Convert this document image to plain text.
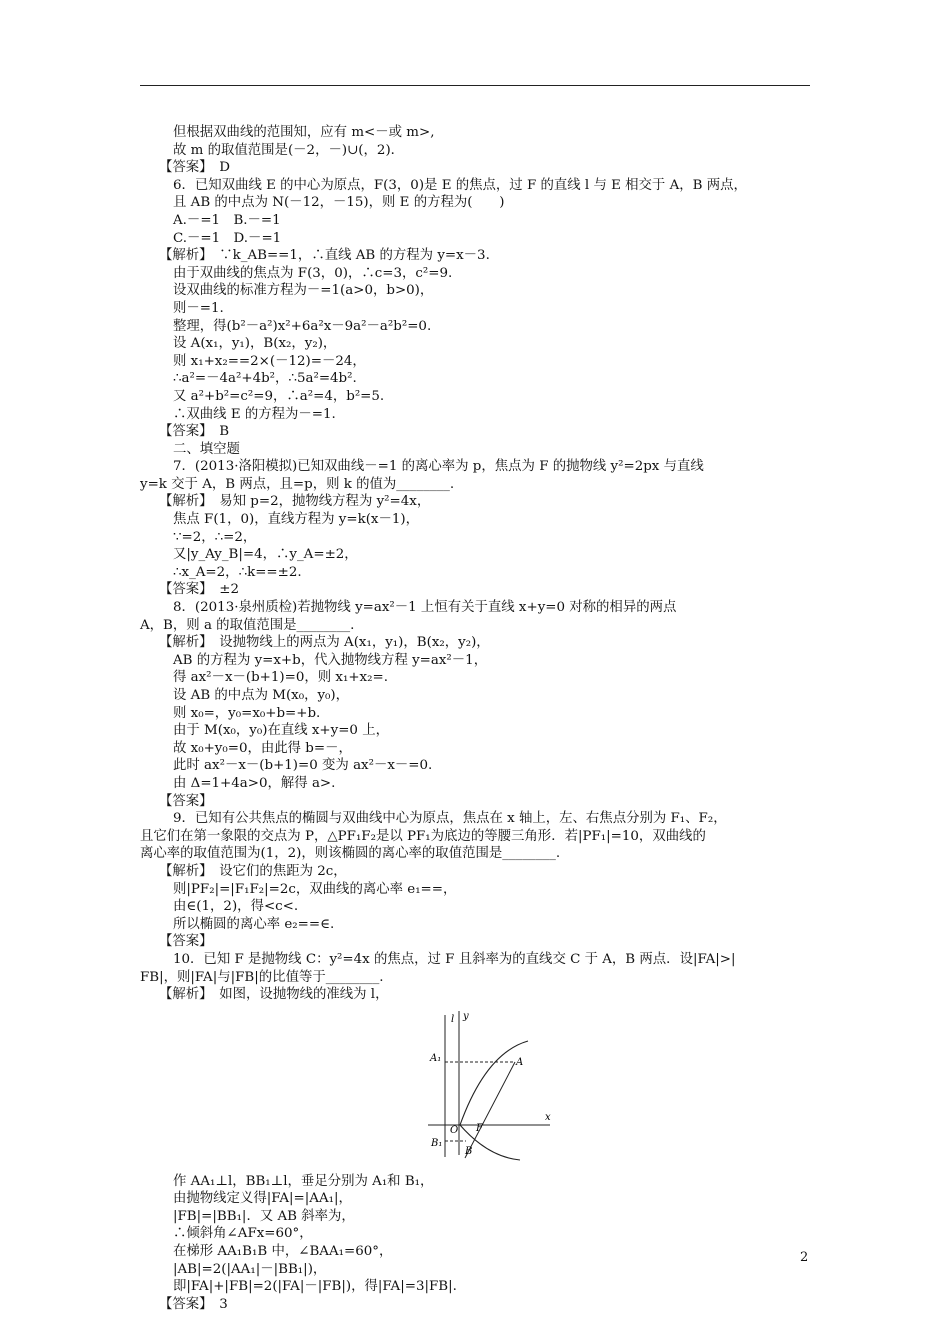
但根据双曲线的范围知，应有 m<－或 m>,
故 m 的取值范围是(－2，－)∪(，2)．
【答案】　D
6．已知双曲线 E 的中心为原点，F(3，0)是 E 的焦点，过 F 的直线 l 与 E 相交于 A，B 两点，
且 AB 的中点为 N(－12，－15)，则 E 的方程为(　　)
A.－=1　B.－=1
C.－=1　D.－=1
【解析】　∵k_AB==1，∴直线 AB 的方程为 y=x－3.
由于双曲线的焦点为 F(3，0)，∴c=3，c²=9.
设双曲线的标准方程为－=1(a>0，b>0)，
则－=1.
整理，得(b²－a²)x²+6a²x－9a²－a²b²=0.
设 A(x₁，y₁)，B(x₂，y₂)，
则 x₁+x₂==2×(－12)=－24，
∴a²=－4a²+4b²，∴5a²=4b².
又 a²+b²=c²=9，∴a²=4，b²=5.
∴双曲线 E 的方程为－=1.
【答案】　B
二、填空题
7．(2013·洛阳模拟)已知双曲线－=1 的离心率为 p，焦点为 F 的抛物线 y²=2px 与直线
y=k 交于 A，B 两点，且=p，则 k 的值为________.
【解析】　易知 p=2，抛物线方程为 y²=4x，
焦点 F(1，0)，直线方程为 y=k(x－1)，
∵=2，∴=2，
又|y_Ay_B|=4，∴y_A=±2，
∴x_A=2，∴k==±2.
【答案】　±2
8．(2013·泉州质检)若抛物线 y=ax²－1 上恒有关于直线 x+y=0 对称的相异的两点
A，B，则 a 的取值范围是________.
【解析】　设抛物线上的两点为 A(x₁，y₁)，B(x₂，y₂)，
AB 的方程为 y=x+b，代入抛物线方程 y=ax²－1，
得 ax²－x－(b+1)=0，则 x₁+x₂=.
设 AB 的中点为 M(x₀，y₀)，
则 x₀=，y₀=x₀+b=+b.
由于 M(x₀，y₀)在直线 x+y=0 上，
故 x₀+y₀=0，由此得 b=－，
此时 ax²－x－(b+1)=0 变为 ax²－x－=0.
由 Δ=1+4a>0，解得 a>.
【答案】
9．已知有公共焦点的椭圆与双曲线中心为原点，焦点在 x 轴上，左、右焦点分别为 F₁、F₂，
且它们在第一象限的交点为 P，△PF₁F₂是以 PF₁为底边的等腰三角形．若|PF₁|=10，双曲线的
离心率的取值范围为(1，2)，则该椭圆的离心率的取值范围是________.
【解析】　设它们的焦距为 2c，
则|PF₂|=|F₁F₂|=2c，双曲线的离心率 e₁==，
由∈(1，2)，得<c<.
所以椭圆的离心率 e₂==∈.
【答案】
10．已知 F 是抛物线 C：y²=4x 的焦点，过 F 且斜率为的直线交 C 于 A，B 两点．设|FA|>|
FB|，则|FA|与|FB|的比值等于________.
【解析】　如图，设抛物线的准线为 l，
l y
x
A₁	A
O F
B₁
B
作 AA₁⊥l，BB₁⊥l，垂足分别为 A₁和 B₁，
由抛物线定义得|FA|=|AA₁|，
|FB|=|BB₁|．又 AB 斜率为，
∴倾斜角∠AFx=60°，
在梯形 AA₁B₁B 中，∠BAA₁=60°，
|AB|=2(|AA₁|－|BB₁|)，
即|FA|+|FB|=2(|FA|－|FB|)，得|FA|=3|FB|.
【答案】　3
2
